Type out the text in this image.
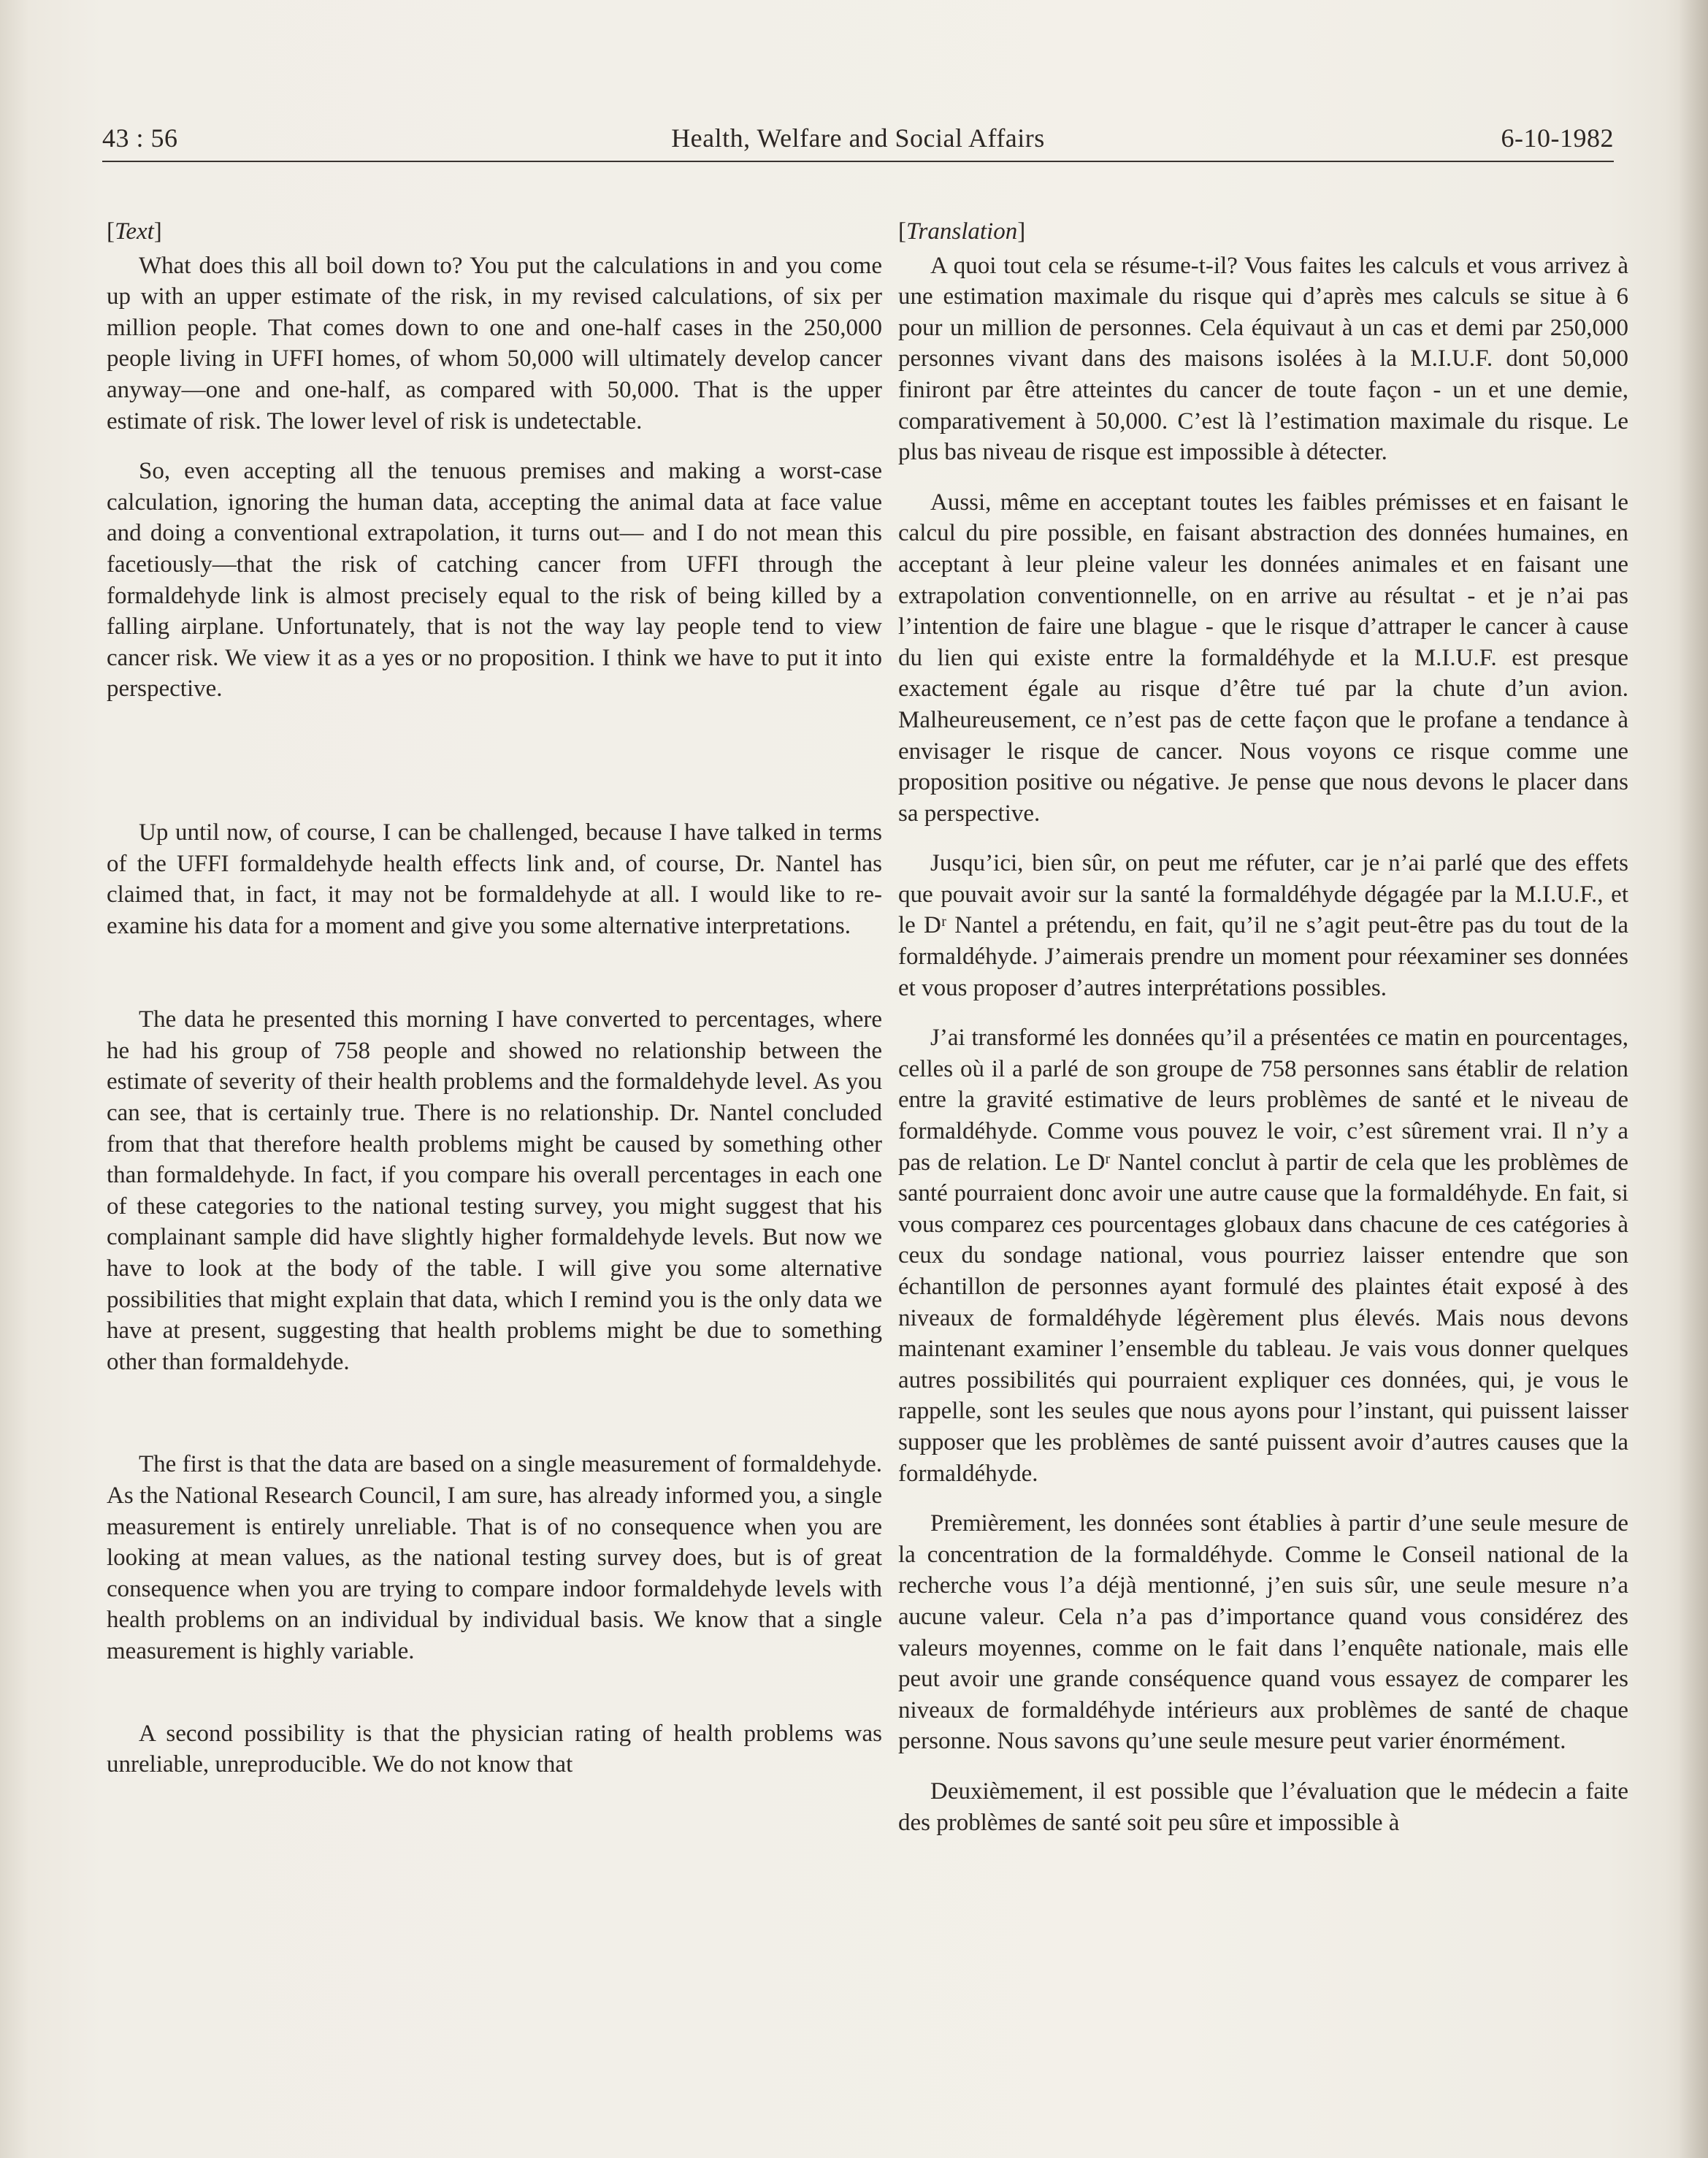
43 : 56	Health, Welfare and Social Affairs	6-10-1982
[Text]

What does this all boil down to? You put the calculations in and you come up with an upper estimate of the risk, in my revised calculations, of six per million people. That comes down to one and one-half cases in the 250,000 people living in UFFI homes, of whom 50,000 will ultimately develop cancer anyway—one and one-half, as compared with 50,000. That is the upper estimate of risk. The lower level of risk is undetectable.

So, even accepting all the tenuous premises and making a worst-case calculation, ignoring the human data, accepting the animal data at face value and doing a conventional extrapolation, it turns out— and I do not mean this facetiously—that the risk of catching cancer from UFFI through the formaldehyde link is almost precisely equal to the risk of being killed by a falling airplane. Unfortunately, that is not the way lay people tend to view cancer risk. We view it as a yes or no proposition. I think we have to put it into perspective.

Up until now, of course, I can be challenged, because I have talked in terms of the UFFI formaldehyde health effects link and, of course, Dr. Nantel has claimed that, in fact, it may not be formaldehyde at all. I would like to re-examine his data for a moment and give you some alternative interpretations.

The data he presented this morning I have converted to percentages, where he had his group of 758 people and showed no relationship between the estimate of severity of their health problems and the formaldehyde level. As you can see, that is certainly true. There is no relationship. Dr. Nantel concluded from that that therefore health problems might be caused by something other than formaldehyde. In fact, if you compare his overall percentages in each one of these categories to the national testing survey, you might suggest that his complainant sample did have slightly higher formaldehyde levels. But now we have to look at the body of the table. I will give you some alternative possibilities that might explain that data, which I remind you is the only data we have at present, suggesting that health problems might be due to something other than formaldehyde.

The first is that the data are based on a single measurement of formaldehyde. As the National Research Council, I am sure, has already informed you, a single measurement is entirely unreliable. That is of no consequence when you are looking at mean values, as the national testing survey does, but is of great consequence when you are trying to compare indoor formaldehyde levels with health problems on an individual by individual basis. We know that a single measurement is highly variable.

A second possibility is that the physician rating of health problems was unreliable, unreproducible. We do not know that

[Translation]

A quoi tout cela se résume-t-il? Vous faites les calculs et vous arrivez à une estimation maximale du risque qui d’après mes calculs se situe à 6 pour un million de personnes. Cela équivaut à un cas et demi par 250,000 personnes vivant dans des maisons isolées à la M.I.U.F. dont 50,000 finiront par être atteintes du cancer de toute façon - un et une demie, comparativement à 50,000. C’est là l’estimation maximale du risque. Le plus bas niveau de risque est impossible à détecter.

Aussi, même en acceptant toutes les faibles prémisses et en faisant le calcul du pire possible, en faisant abstraction des données humaines, en acceptant à leur pleine valeur les données animales et en faisant une extrapolation conventionnelle, on en arrive au résultat - et je n’ai pas l’intention de faire une blague - que le risque d’attraper le cancer à cause du lien qui existe entre la formaldéhyde et la M.I.U.F. est presque exactement égale au risque d’être tué par la chute d’un avion. Malheureusement, ce n’est pas de cette façon que le profane a tendance à envisager le risque de cancer. Nous voyons ce risque comme une proposition positive ou négative. Je pense que nous devons le placer dans sa perspective.

Jusqu’ici, bien sûr, on peut me réfuter, car je n’ai parlé que des effets que pouvait avoir sur la santé la formaldéhyde dégagée par la M.I.U.F., et le Dʳ Nantel a prétendu, en fait, qu’il ne s’agit peut-être pas du tout de la formaldéhyde. J’aimerais prendre un moment pour réexaminer ses données et vous proposer d’autres interprétations possibles.

J’ai transformé les données qu’il a présentées ce matin en pourcentages, celles où il a parlé de son groupe de 758 personnes sans établir de relation entre la gravité estimative de leurs problèmes de santé et le niveau de formaldéhyde. Comme vous pouvez le voir, c’est sûrement vrai. Il n’y a pas de relation. Le Dʳ Nantel conclut à partir de cela que les problèmes de santé pourraient donc avoir une autre cause que la formaldéhyde. En fait, si vous comparez ces pourcentages globaux dans chacune de ces catégories à ceux du sondage national, vous pourriez laisser entendre que son échantillon de personnes ayant formulé des plaintes était exposé à des niveaux de formaldéhyde légèrement plus élevés. Mais nous devons maintenant examiner l’ensemble du tableau. Je vais vous donner quelques autres possibilités qui pourraient expliquer ces données, qui, je vous le rappelle, sont les seules que nous ayons pour l’instant, qui puissent laisser supposer que les problèmes de santé puissent avoir d’autres causes que la formaldéhyde.

Premièrement, les données sont établies à partir d’une seule mesure de la concentration de la formaldéhyde. Comme le Conseil national de la recherche vous l’a déjà mentionné, j’en suis sûr, une seule mesure n’a aucune valeur. Cela n’a pas d’importance quand vous considérez des valeurs moyennes, comme on le fait dans l’enquête nationale, mais elle peut avoir une grande conséquence quand vous essayez de comparer les niveaux de formaldéhyde intérieurs aux problèmes de santé de chaque personne. Nous savons qu’une seule mesure peut varier énormément.

Deuxièmement, il est possible que l’évaluation que le médecin a faite des problèmes de santé soit peu sûre et impossible à
